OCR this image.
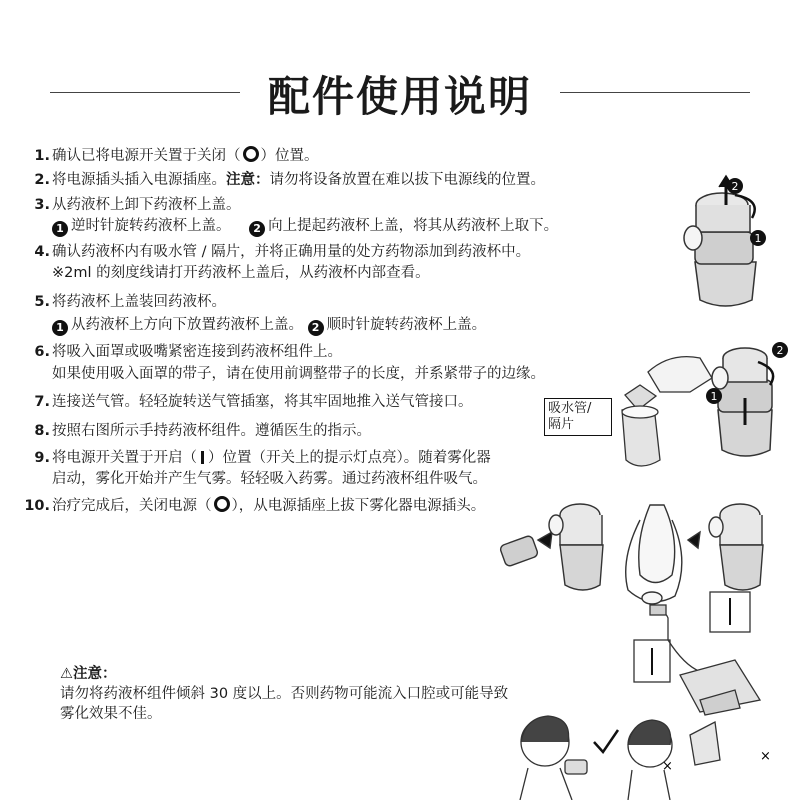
配件使用说明
1. 确认已将电源开关置于关闭（ ）位置。
2. 将电源插头插入电源插座。注意：请勿将设备放置在难以拔下电源线的位置。
3. 从药液杯上卸下药液杯上盖。
1 逆时针旋转药液杯上盖。 2 向上提起药液杯上盖，将其从药液杯上取下。
4. 确认药液杯内有吸水管 / 隔片，并将正确用量的处方药物添加到药液杯中。
※2ml 的刻度线请打开药液杯上盖后，从药液杯内部查看。
5. 将药液杯上盖装回药液杯。
1 从药液杯上方向下放置药液杯上盖。 2 顺时针旋转药液杯上盖。
6. 将吸入面罩或吸嘴紧密连接到药液杯组件上。
如果使用吸入面罩的带子，请在使用前调整带子的长度，并系紧带子的边缘。
7. 连接送气管。轻轻旋转送气管插塞，将其牢固地推入送气管接口。
8. 按照右图所示手持药液杯组件。遵循医生的指示。
9. 将电源开关置于开启（ ）位置（开关上的提示灯点亮）。随着雾化器
启动，雾化开始并产生气雾。轻轻吸入药雾。通过药液杯组件吸气。
10. 治疗完成后，关闭电源（ ），从电源插座上拔下雾化器电源插头。
2
1
2
1
×
×
吸水管/
隔片
⚠注意：
请勿将药液杯组件倾斜 30 度以上。否则药物可能流入口腔或可能导致
雾化效果不佳。
